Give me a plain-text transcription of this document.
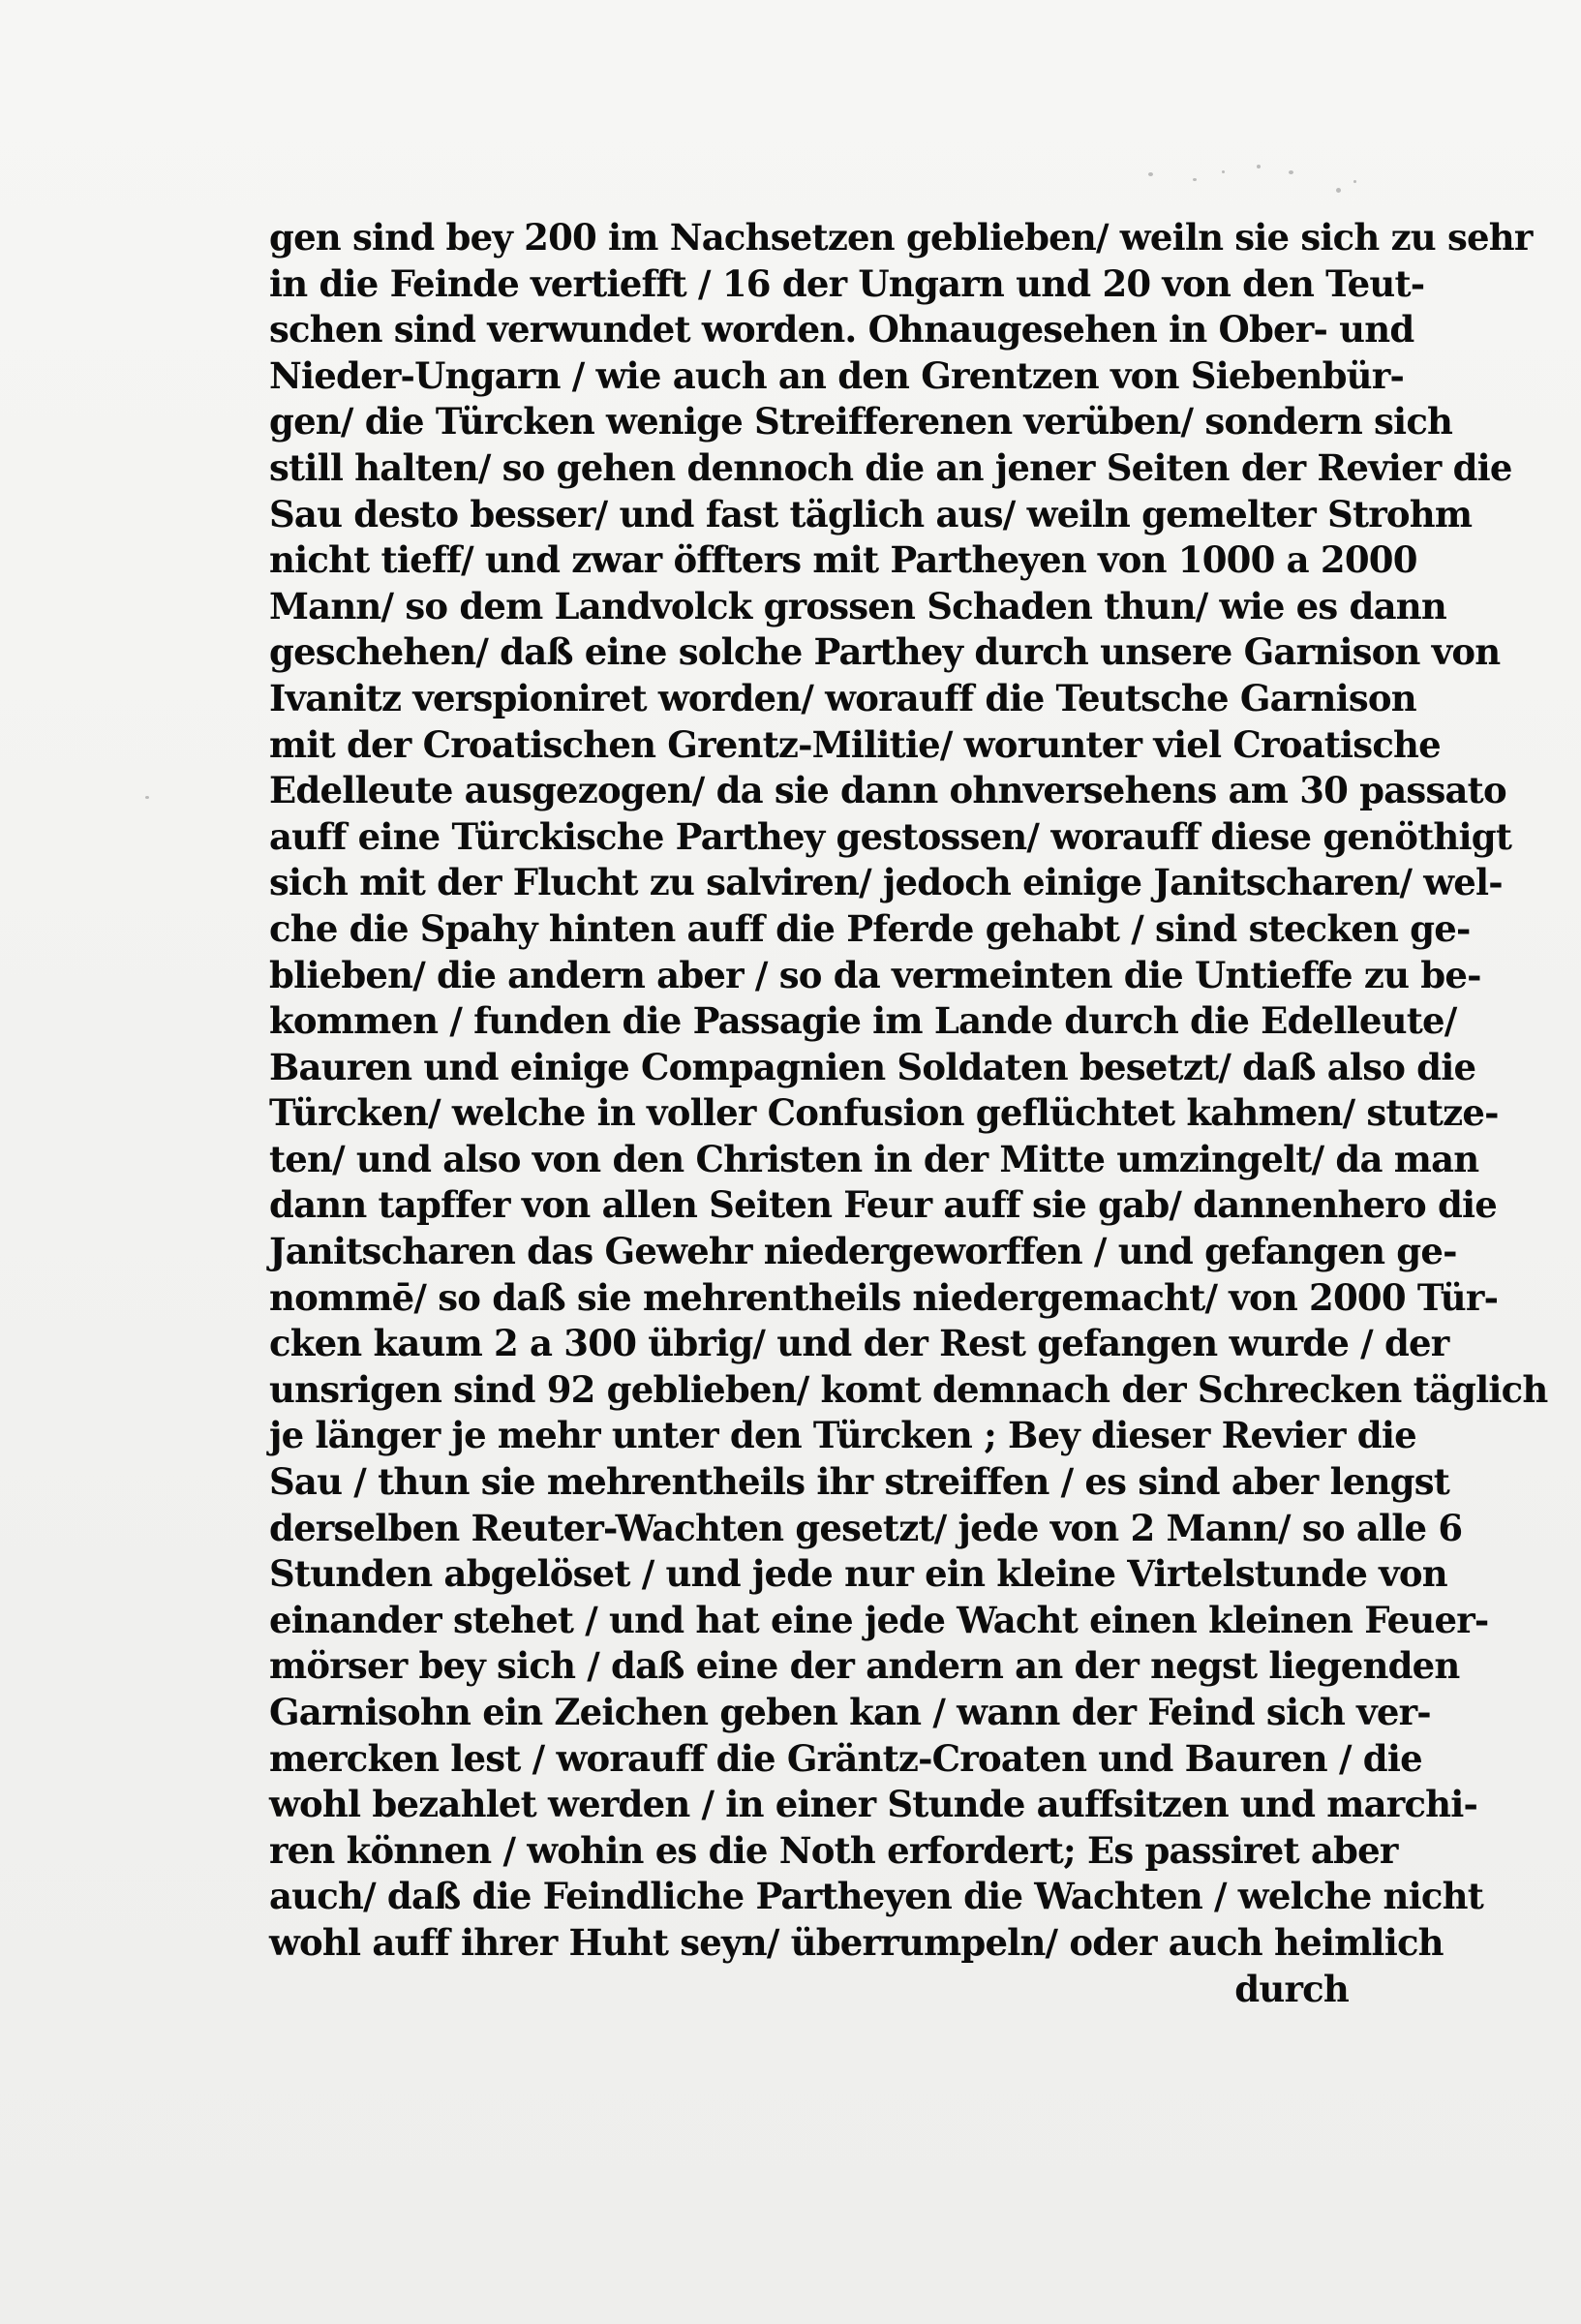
gen sind bey 200 im Nachsetzen geblieben/ weiln sie sich zu sehr
in die Feinde vertiefft / 16 der Ungarn und 20 von den Teut-
schen sind verwundet worden. Ohnaugesehen in Ober- und
Nieder-Ungarn / wie auch an den Grentzen von Siebenbür-
gen/ die Türcken wenige Streifferenen verüben/ sondern sich
still halten/ so gehen dennoch die an jener Seiten der Revier die
Sau desto besser/ und fast täglich aus/ weiln gemelter Strohm
nicht tieff/ und zwar öffters mit Partheyen von 1000 a 2000
Mann/ so dem Landvolck grossen Schaden thun/ wie es dann
geschehen/ daß eine solche Parthey durch unsere Garnison von
Ivanitz verspioniret worden/ worauff die Teutsche Garnison
mit der Croatischen Grentz-Militie/ worunter viel Croatische
Edelleute ausgezogen/ da sie dann ohnversehens am 30 passato
auff eine Türckische Parthey gestossen/ worauff diese genöthigt
sich mit der Flucht zu salviren/ jedoch einige Janitscharen/ wel-
che die Spahy hinten auff die Pferde gehabt / sind stecken ge-
blieben/ die andern aber / so da vermeinten die Untieffe zu be-
kommen / funden die Passagie im Lande durch die Edelleute/
Bauren und einige Compagnien Soldaten besetzt/ daß also die
Türcken/ welche in voller Confusion geflüchtet kahmen/ stutze-
ten/ und also von den Christen in der Mitte umzingelt/ da man
dann tapffer von allen Seiten Feur auff sie gab/ dannenhero die
Janitscharen das Gewehr niedergeworffen / und gefangen ge-
nommē/ so daß sie mehrentheils niedergemacht/ von 2000 Tür-
cken kaum 2 a 300 übrig/ und der Rest gefangen wurde / der
unsrigen sind 92 geblieben/ komt demnach der Schrecken täglich
je länger je mehr unter den Türcken ; Bey dieser Revier die
Sau / thun sie mehrentheils ihr streiffen / es sind aber lengst
derselben Reuter-Wachten gesetzt/ jede von 2 Mann/ so alle 6
Stunden abgelöset / und jede nur ein kleine Virtelstunde von
einander stehet / und hat eine jede Wacht einen kleinen Feuer-
mörser bey sich / daß eine der andern an der negst liegenden
Garnisohn ein Zeichen geben kan / wann der Feind sich ver-
mercken lest / worauff die Gräntz-Croaten und Bauren / die
wohl bezahlet werden / in einer Stunde auffsitzen und marchi-
ren können / wohin es die Noth erfordert; Es passiret aber
auch/ daß die Feindliche Partheyen die Wachten / welche nicht
wohl auff ihrer Huht seyn/ überrumpeln/ oder auch heimlich
durch
